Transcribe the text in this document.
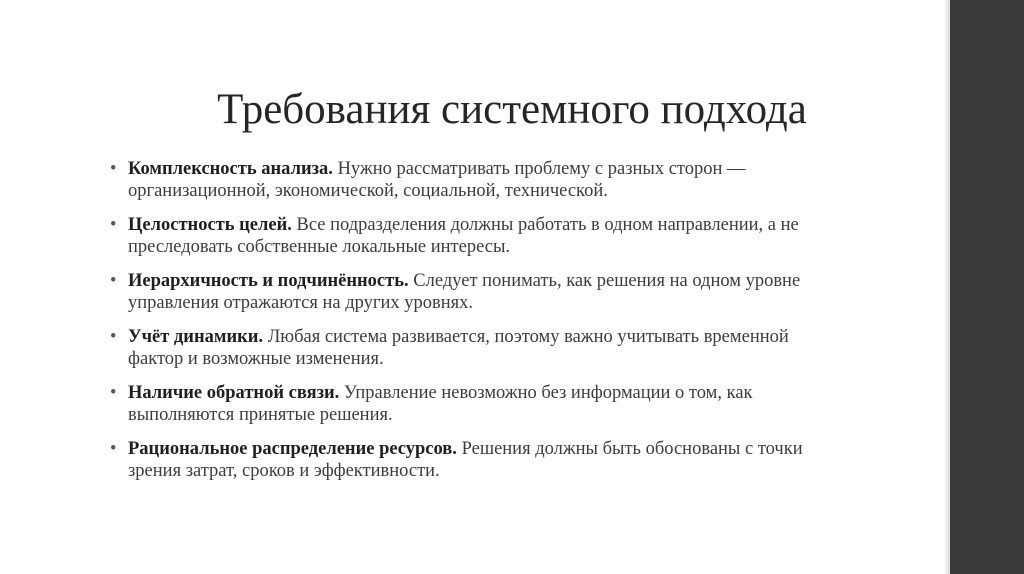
Требования системного подхода
• Комплексность анализа. Нужно рассматривать проблему с разных сторон — организационной, экономической, социальной, технической.
• Целостность целей. Все подразделения должны работать в одном направлении, а не преследовать собственные локальные интересы.
• Иерархичность и подчинённость. Следует понимать, как решения на одном уровне управления отражаются на других уровнях.
• Учёт динамики. Любая система развивается, поэтому важно учитывать временной фактор и возможные изменения.
• Наличие обратной связи. Управление невозможно без информации о том, как выполняются принятые решения.
• Рациональное распределение ресурсов. Решения должны быть обоснованы с точки зрения затрат, сроков и эффективности.
